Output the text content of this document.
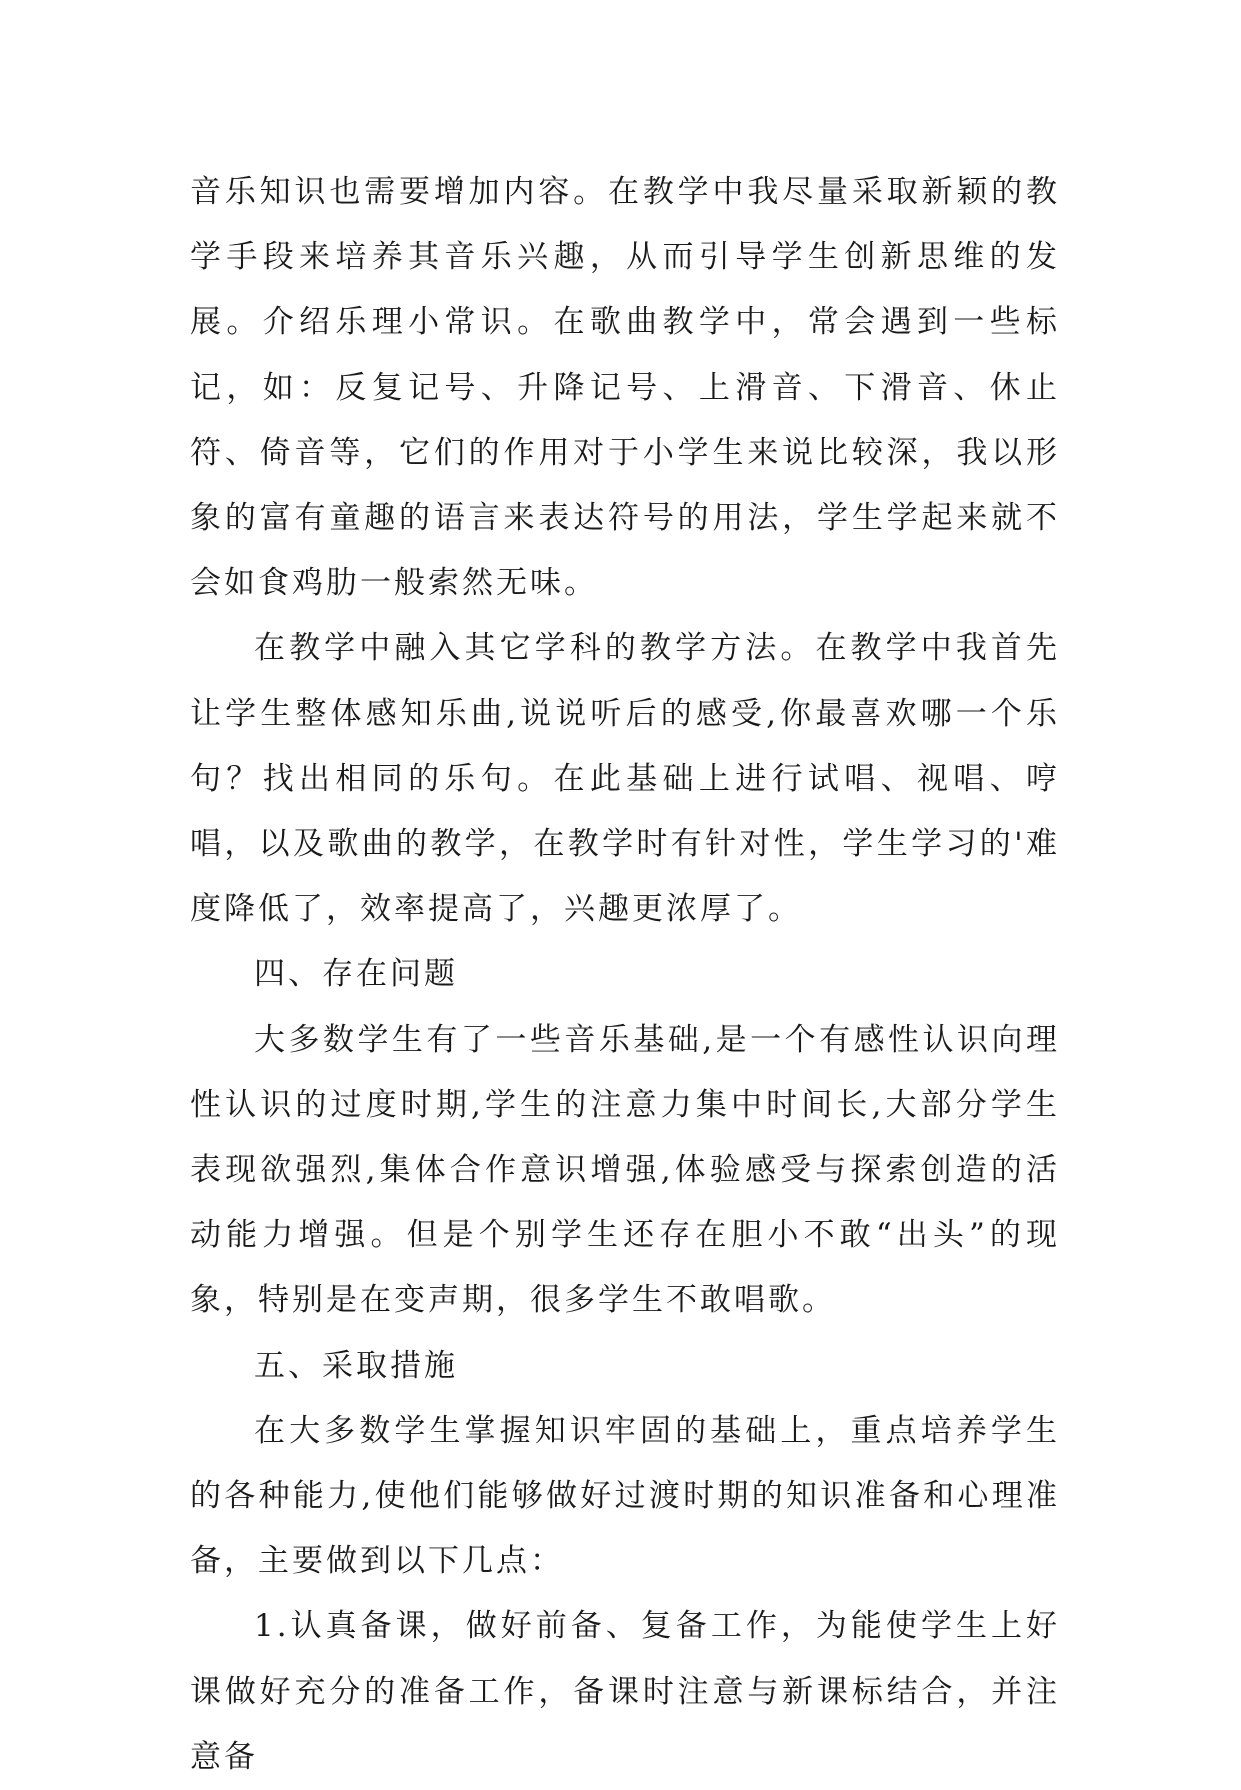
音乐知识也需要增加内容。在教学中我尽量采取新颖的教学手段来培养其音乐兴趣，从而引导学生创新思维的发展。介绍乐理小常识。在歌曲教学中，常会遇到一些标记，如：反复记号、升降记号、上滑音、下滑音、休止符、倚音等，它们的作用对于小学生来说比较深，我以形象的富有童趣的语言来表达符号的用法，学生学起来就不会如食鸡肋一般索然无味。

在教学中融入其它学科的教学方法。在教学中我首先让学生整体感知乐曲,说说听后的感受,你最喜欢哪一个乐句？找出相同的乐句。在此基础上进行试唱、视唱、哼唱，以及歌曲的教学，在教学时有针对性，学生学习的'难度降低了，效率提高了，兴趣更浓厚了。

四、存在问题

大多数学生有了一些音乐基础,是一个有感性认识向理性认识的过度时期,学生的注意力集中时间长,大部分学生表现欲强烈,集体合作意识增强,体验感受与探索创造的活动能力增强。但是个别学生还存在胆小不敢“出头”的现象，特别是在变声期，很多学生不敢唱歌。

五、采取措施

在大多数学生掌握知识牢固的基础上，重点培养学生的各种能力,使他们能够做好过渡时期的知识准备和心理准备，主要做到以下几点：

1.认真备课，做好前备、复备工作，为能使学生上好课做好充分的准备工作，备课时注意与新课标结合，并注意备
